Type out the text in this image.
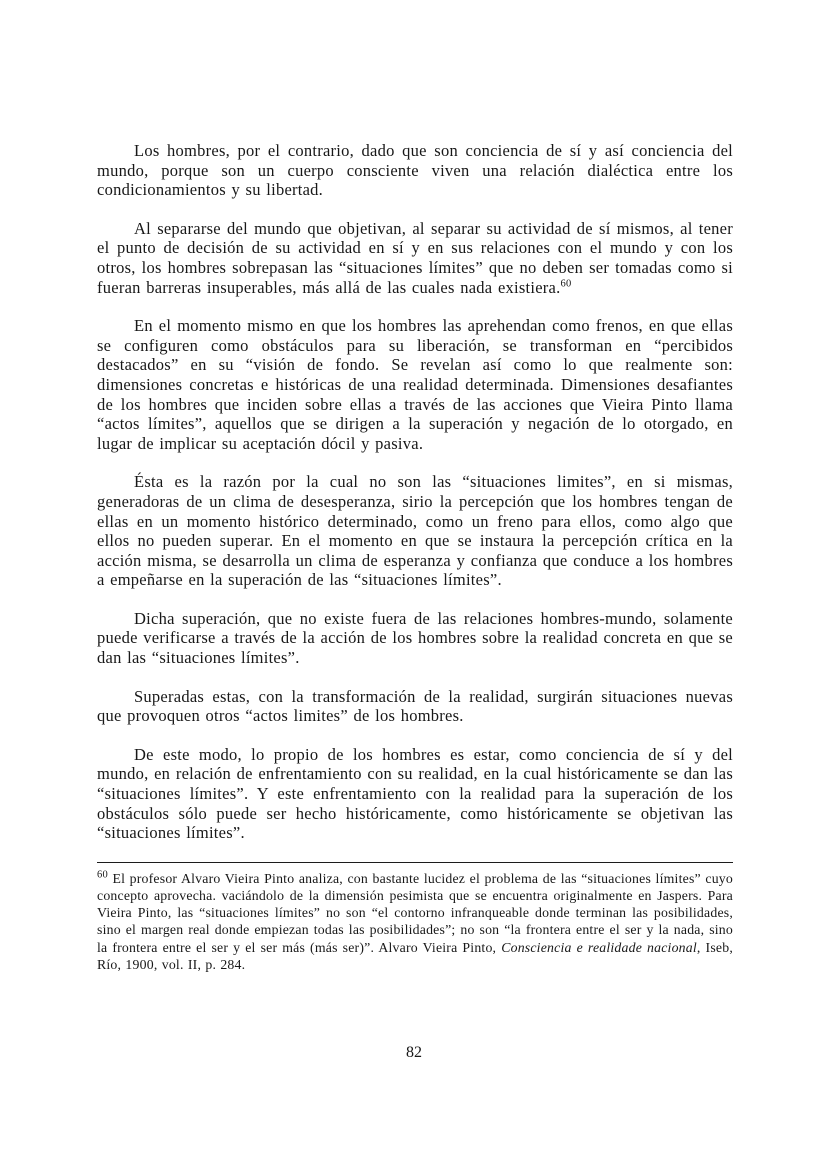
Los hombres, por el contrario, dado que son conciencia de sí y así conciencia del mundo, porque son un cuerpo consciente viven una relación dialéctica entre los condicionamientos y su libertad.

Al separarse del mundo que objetivan, al separar su actividad de sí mismos, al tener el punto de decisión de su actividad en sí y en sus relaciones con el mundo y con los otros, los hombres sobrepasan las “situaciones límites” que no deben ser tomadas como si fueran barreras insuperables, más allá de las cuales nada existiera.$^{60}$

En el momento mismo en que los hombres las aprehendan como frenos, en que ellas se configuren como obstáculos para su liberación, se transforman en “percibidos destacados” en su “visión de fondo. Se revelan así como lo que realmente son: dimensiones concretas e históricas de una realidad determinada. Dimensiones desafiantes de los hombres que inciden sobre ellas a través de las acciones que Vieira Pinto llama “actos límites”, aquellos que se dirigen a la superación y negación de lo otorgado, en lugar de implicar su aceptación dócil y pasiva.

Ésta es la razón por la cual no son las “situaciones limites”, en si mismas, generadoras de un clima de desesperanza, sirio la percepción que los hombres tengan de ellas en un momento histórico determinado, como un freno para ellos, como algo que ellos no pueden superar. En el momento en que se instaura la percepción crítica en la acción misma, se desarrolla un clima de esperanza y confianza que conduce a los hombres a empeñarse en la superación de las “situaciones límites”.

Dicha superación, que no existe fuera de las relaciones hombres-mundo, solamente puede verificarse a través de la acción de los hombres sobre la realidad concreta en que se dan las “situaciones límites”.

Superadas estas, con la transformación de la realidad, surgirán situaciones nuevas que provoquen otros “actos limites” de los hombres.

De este modo, lo propio de los hombres es estar, como conciencia de sí y del mundo, en relación de enfrentamiento con su realidad, en la cual históricamente se dan las “situaciones límites”. Y este enfrentamiento con la realidad para la superación de los obstáculos sólo puede ser hecho históricamente, como históricamente se objetivan las “situaciones límites”.

$^{60}$ El profesor Alvaro Vieira Pinto analiza, con bastante lucidez el problema de las “situaciones límites” cuyo concepto aprovecha. vaciándolo de la dimensión pesimista que se encuentra originalmente en Jaspers. Para Vieira Pinto, las “situaciones límites” no son “el contorno infranqueable donde terminan las posibilidades, sino el margen real donde empiezan todas las posibilidades”; no son “la frontera entre el ser y la nada, sino la frontera entre el ser y el ser más (más ser)”. Alvaro Vieira Pinto, Consciencia e realidade nacional, Iseb, Río, 1900, vol. II, p. 284.

82
